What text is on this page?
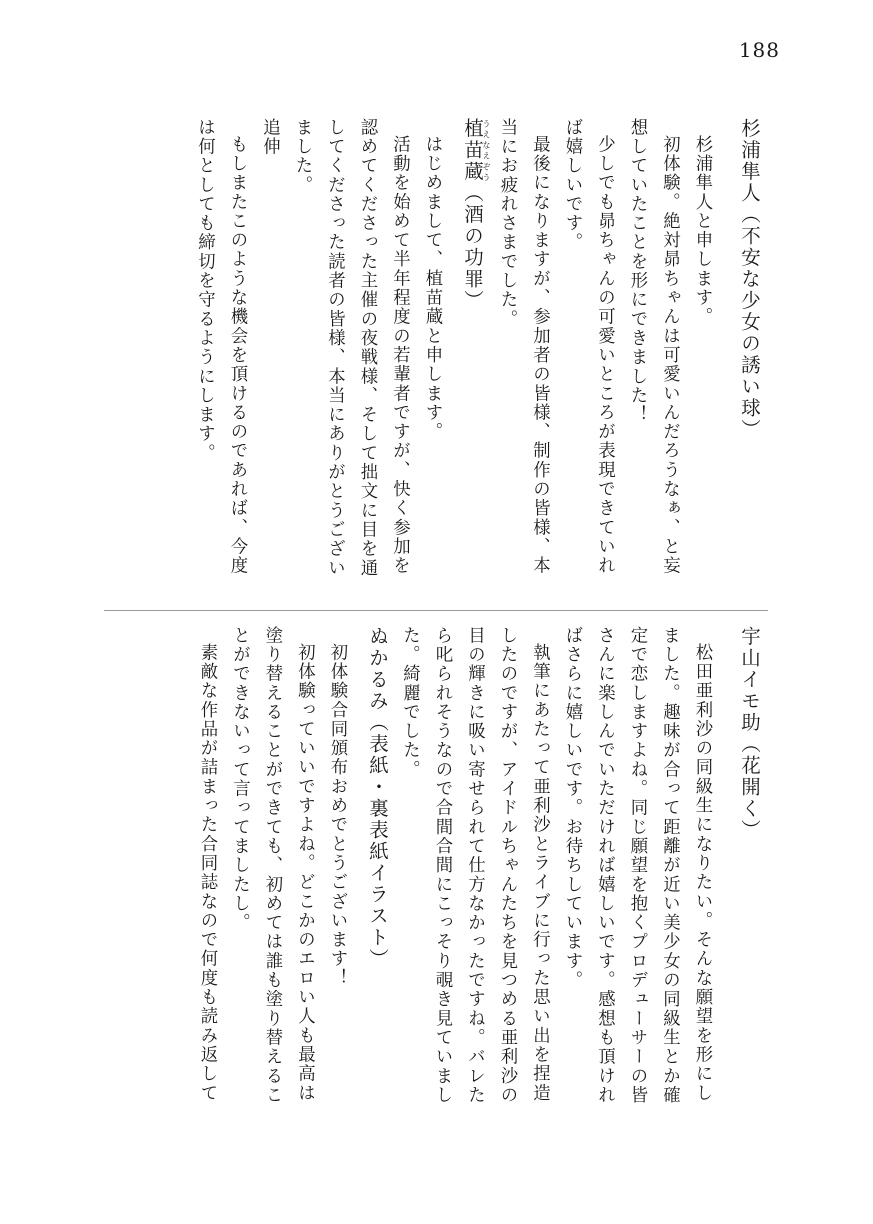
188
杉浦隼人（不安な少女の誘い球）
杉浦隼人と申します。
初体験。絶対昴ちゃんは可愛いんだろうなぁ、と妄想していたことを形にできました！
少しでも昴ちゃんの可愛いところが表現できていれば嬉しいです。
最後になりますが、参加者の皆様、制作の皆様、本当にお疲れさまでした。
植苗蔵うえなえぞう（酒の功罪）
はじめまして、植苗蔵と申します。
活動を始めて半年程度の若輩者ですが、快く参加を認めてくださった主催の夜戦様、そして拙文に目を通してくださった読者の皆様、本当にありがとうございました。
追伸
もしまたこのような機会を頂けるのであれば、今度は何としても締切を守るようにします。
宇山イモ助（花開く）
松田亜利沙の同級生になりたい。そんな願望を形にしました。趣味が合って距離が近い美少女の同級生とか確定で恋しますよね。同じ願望を抱くプロデューサーの皆さんに楽しんでいただければ嬉しいです。感想も頂ければさらに嬉しいです。お待ちしています。
執筆にあたって亜利沙とライブに行った思い出を捏造したのですが、アイドルちゃんたちを見つめる亜利沙の目の輝きに吸い寄せられて仕方なかったですね。バレたら叱られそうなので合間合間にこっそり覗き見ていました。綺麗でした。
ぬかるみ（表紙・裏表紙イラスト）
初体験合同頒布おめでとうございます！
初体験っていいですよね。どこかのエロい人も最高は塗り替えることができても、初めては誰も塗り替えることができないって言ってましたし。
素敵な作品が詰まった合同誌なので何度も読み返して
